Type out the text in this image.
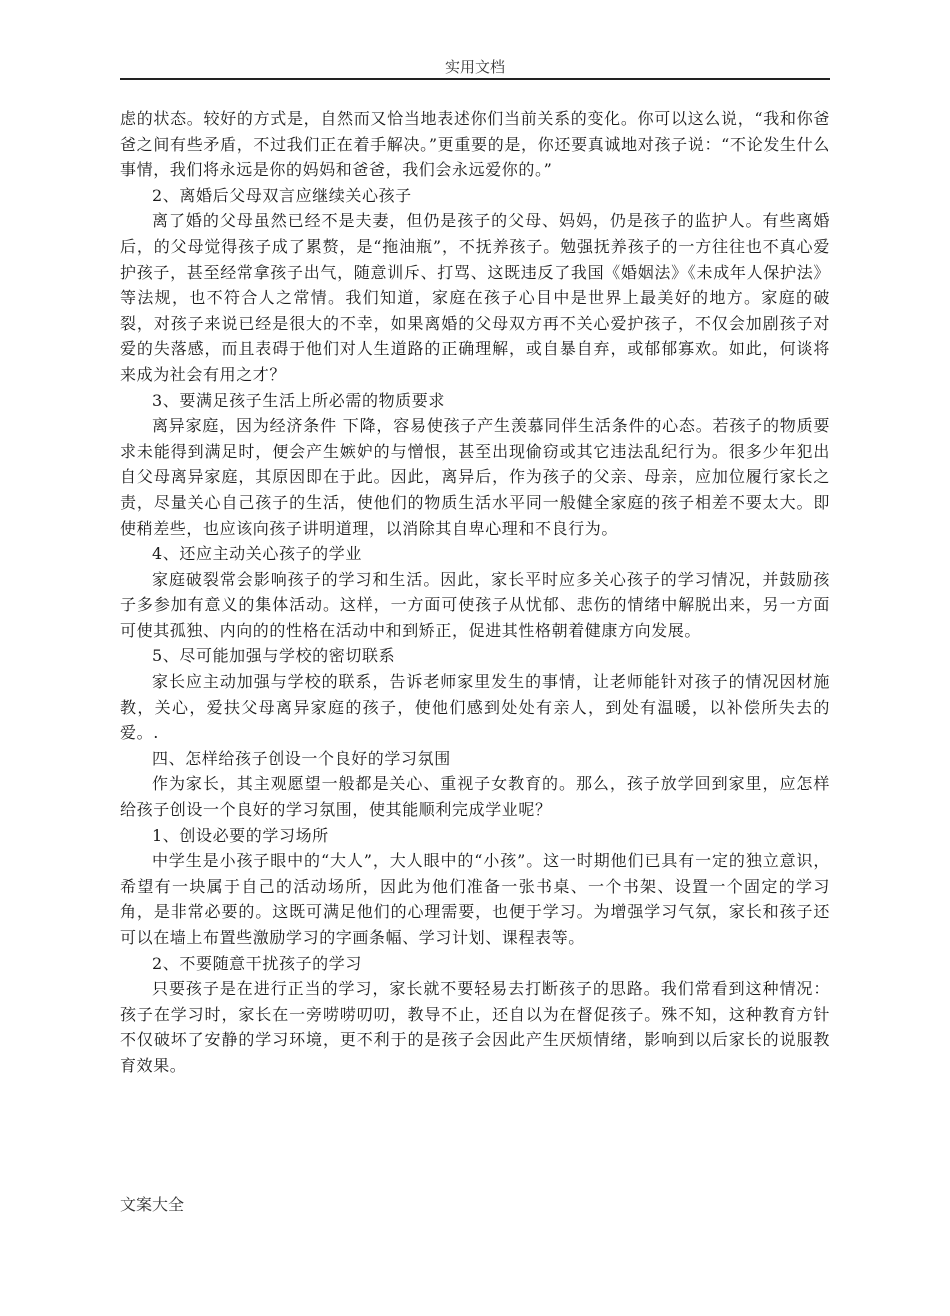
实用文档

虑的状态。较好的方式是，自然而又恰当地表述你们当前关系的变化。你可以这么说，“我和你爸爸之间有些矛盾，不过我们正在着手解决。”更重要的是，你还要真诚地对孩子说：“不论发生什么事情，我们将永远是你的妈妈和爸爸，我们会永远爱你的。”

2、离婚后父母双言应继续关心孩子

离了婚的父母虽然已经不是夫妻，但仍是孩子的父母、妈妈，仍是孩子的监护人。有些离婚后，的父母觉得孩子成了累赘，是“拖油瓶”，不抚养孩子。勉强抚养孩子的一方往往也不真心爱护孩子，甚至经常拿孩子出气，随意训斥、打骂、这既违反了我国《婚姻法》《未成年人保护法》等法规，也不符合人之常情。我们知道，家庭在孩子心目中是世界上最美好的地方。家庭的破裂，对孩子来说已经是很大的不幸，如果离婚的父母双方再不关心爱护孩子，不仅会加剧孩子对爱的失落感，而且表碍于他们对人生道路的正确理解，或自暴自弃，或郁郁寡欢。如此，何谈将来成为社会有用之才？

3、要满足孩子生活上所必需的物质要求

离异家庭，因为经济条件 下降，容易使孩子产生羡慕同伴生活条件的心态。若孩子的物质要求未能得到满足时，便会产生嫉妒的与憎恨，甚至出现偷窃或其它违法乱纪行为。很多少年犯出自父母离异家庭，其原因即在于此。因此，离异后，作为孩子的父亲、母亲，应加位履行家长之责，尽量关心自己孩子的生活，使他们的物质生活水平同一般健全家庭的孩子相差不要太大。即使稍差些，也应该向孩子讲明道理，以消除其自卑心理和不良行为。

4、还应主动关心孩子的学业

家庭破裂常会影响孩子的学习和生活。因此，家长平时应多关心孩子的学习情况，并鼓励孩子多参加有意义的集体活动。这样，一方面可使孩子从忧郁、悲伤的情绪中解脱出来，另一方面可使其孤独、内向的的性格在活动中和到矫正，促进其性格朝着健康方向发展。

5、尽可能加强与学校的密切联系

家长应主动加强与学校的联系，告诉老师家里发生的事情，让老师能针对孩子的情况因材施教，关心，爱扶父母离异家庭的孩子，使他们感到处处有亲人，到处有温暖，以补偿所失去的爱。.

四、怎样给孩子创设一个良好的学习氛围

作为家长，其主观愿望一般都是关心、重视子女教育的。那么，孩子放学回到家里，应怎样给孩子创设一个良好的学习氛围，使其能顺利完成学业呢？

1、创设必要的学习场所

中学生是小孩子眼中的“大人”，大人眼中的“小孩”。这一时期他们已具有一定的独立意识，希望有一块属于自己的活动场所，因此为他们准备一张书桌、一个书架、设置一个固定的学习角，是非常必要的。这既可满足他们的心理需要，也便于学习。为增强学习气氛，家长和孩子还可以在墙上布置些激励学习的字画条幅、学习计划、课程表等。

2、不要随意干扰孩子的学习

只要孩子是在进行正当的学习，家长就不要轻易去打断孩子的思路。我们常看到这种情况：孩子在学习时，家长在一旁唠唠叨叨，教导不止，还自以为在督促孩子。殊不知，这种教育方针不仅破坏了安静的学习环境，更不利于的是孩子会因此产生厌烦情绪，影响到以后家长的说服教育效果。

文案大全
